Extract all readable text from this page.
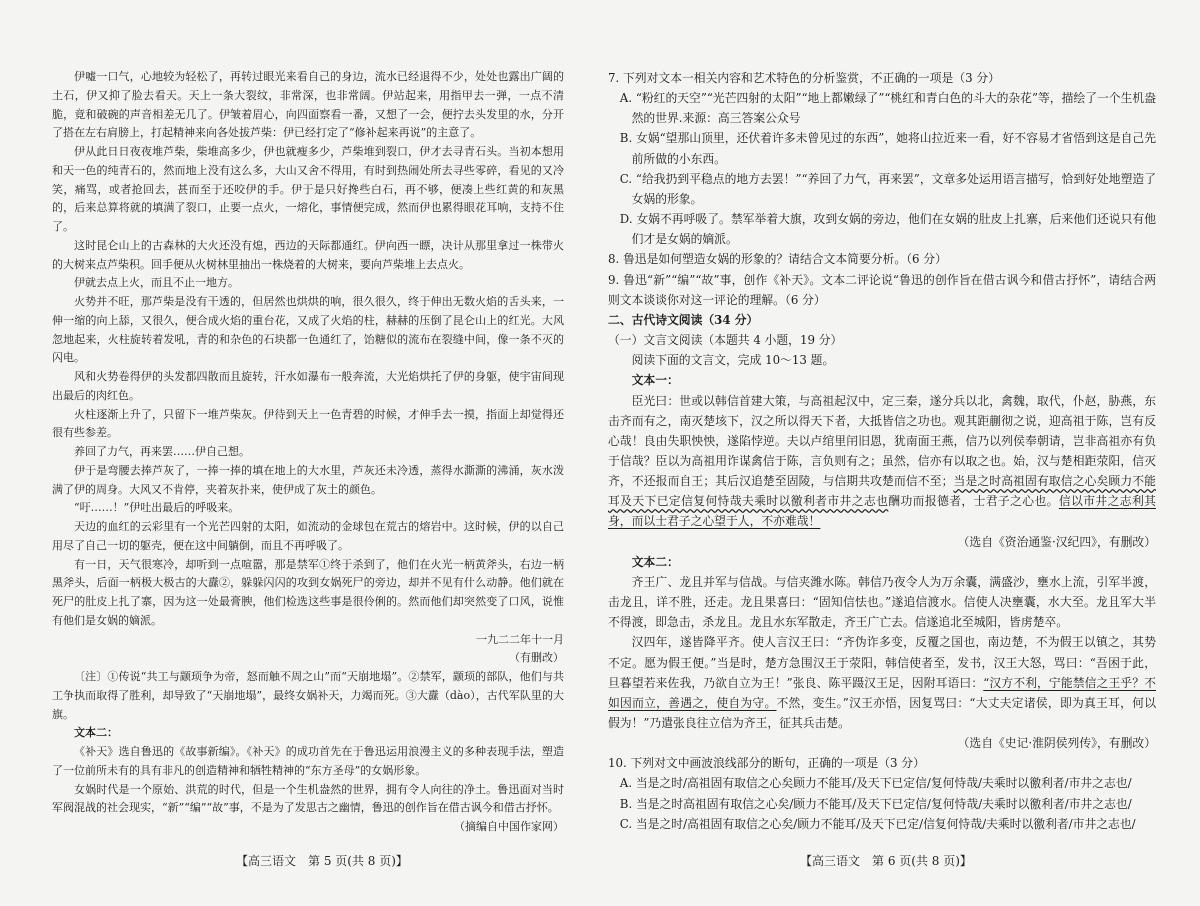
伊嘘一口气，心地较为轻松了，再转过眼光来看自己的身边，流水已经退得不少，处处也露出广阔的土石，伊又抑了脸去看天。天上一条大裂纹，非常深，也非常阔。伊站起来，用指甲去一弹，一点不清脆，竟和破碗的声音相差无几了。伊皱着眉心，向四面察看一番，又想了一会，便拧去头发里的水，分开了搭在左右肩膀上，打起精神来向各处拔芦柴：伊已经打定了“修补起来再说”的主意了。

伊从此日日夜夜堆芦柴，柴堆高多少，伊也就瘦多少，芦柴堆到裂口，伊才去寻青石头。当初本想用和天一色的纯青石的，然而地上没有这么多，大山又舍不得用，有时到热闹处所去寻些零碎，看见的又冷笑，痛骂，或者抢回去，甚而至于还咬伊的手。伊于是只好搀些白石，再不够，便凑上些红黄的和灰黑的，后来总算将就的填满了裂口，止要一点火，一熔化，事情便完成，然而伊也累得眼花耳响，支持不住了。

这时昆仑山上的古森林的大火还没有熄，西边的天际都通红。伊向西一瞟，决计从那里拿过一株带火的大树来点芦柴积。回手便从火树林里抽出一株烧着的大树来，要向芦柴堆上去点火。

伊就去点上火，而且不止一地方。

火势并不旺，那芦柴是没有干透的，但居然也烘烘的响，很久很久，终于伸出无数火焰的舌头来，一伸一缩的向上舔，又很久，便合成火焰的重台花，又成了火焰的柱，赫赫的压倒了昆仑山上的红光。大风忽地起来，火柱旋转着发吼，青的和杂色的石块都一色通红了，饴糖似的流布在裂缝中间，像一条不灭的闪电。

风和火势卷得伊的头发都四散而且旋转，汗水如瀑布一般奔流，大光焰烘托了伊的身躯，使宇宙间现出最后的肉红色。

火柱逐渐上升了，只留下一堆芦柴灰。伊待到天上一色青碧的时候，才伸手去一摸，指面上却觉得还很有些参差。

养回了力气，再来罢……伊自己想。

伊于是弯腰去捧芦灰了，一捧一捧的填在地上的大水里，芦灰还未冷透，蒸得水澌澌的沸涌，灰水泼满了伊的周身。大风又不肯停，夹着灰扑来，使伊成了灰土的颜色。

“吁……！”伊吐出最后的呼吸来。

天边的血红的云彩里有一个光芒四射的太阳，如流动的金球包在荒古的熔岩中。这时候，伊的以自己用尽了自己一切的躯壳，便在这中间躺倒，而且不再呼吸了。

有一日，天气很寒冷，却听到一点喧嚣，那是禁军①终于杀到了，他们在火光一柄黄斧头，右边一柄黑斧头，后面一柄极大极古的大纛②，躲躲闪闪的攻到女娲死尸的旁边，却并不见有什么动静。他们就在死尸的肚皮上扎了寨，因为这一处最膏腴，他们检选这些事是很伶俐的。然而他们却突然变了口风，说惟有他们是女娲的嫡派。

一九二二年十一月

（有删改）

〔注〕①传说“共工与颛顼争为帝，怒而触不周之山”而“天崩地塌”。②禁军，颛顼的部队，他们与共工争执而取得了胜利，却导致了“天崩地塌”，最终女娲补天，力竭而死。③大纛（dào），古代军队里的大旗。

文本二：

《补天》选自鲁迅的《故事新编》。《补天》的成功首先在于鲁迅运用浪漫主义的多种表现手法，塑造了一位前所未有的具有非凡的创造精神和牺牲精神的“东方圣母”的女娲形象。

女娲时代是一个原始、洪荒的时代，但是一个生机盎然的世界，拥有令人向往的净土。鲁迅面对当时军阀混战的社会现实，“新”“编”“故”事，不是为了发思古之幽情，鲁迅的创作旨在借古讽今和借古抒怀。

（摘编自中国作家网）

7. 下列对文本一相关内容和艺术特色的分析鉴赏，不正确的一项是（3 分）

A. “粉红的天空”“光芒四射的太阳”“地上都嫩绿了”“桃红和青白色的斗大的杂花”等，描绘了一个生机盎然的世界.来源：高三答案公众号

B. 女娲“望那山顶里，还伏着许多未曾见过的东西”，她将山拉近来一看，好不容易才省悟到这是自己先前所做的小东西。

C. “给我扔到平稳点的地方去罢！”“养回了力气，再来罢”，文章多处运用语言描写，恰到好处地塑造了女娲的形象。

D. 女娲不再呼吸了。禁军举着大旗，攻到女娲的旁边，他们在女娲的肚皮上扎寨，后来他们还说只有他们才是女娲的嫡派。

8. 鲁迅是如何塑造女娲的形象的？请结合文本简要分析。（6 分）

9. 鲁迅“新”“编”“故”事，创作《补天》。文本二评论说“鲁迅的创作旨在借古讽今和借古抒怀”，请结合两则文本谈谈你对这一评论的理解。（6 分）

二、古代诗文阅读（34 分）

（一）文言文阅读（本题共 4 小题，19 分）

阅读下面的文言文，完成 10～13 题。

文本一：

臣光曰：世或以韩信首建大策，与高祖起汉中，定三秦，遂分兵以北，禽魏，取代，仆赵，胁燕，东击齐而有之，南灭楚垓下，汉之所以得天下者，大抵皆信之功也。观其距蒯彻之说，迎高祖于陈，岂有反心哉！良由失职怏怏，遂陷悖逆。夫以卢绾里闬旧恩，犹南面王燕，信乃以列侯奉朝请，岂非高祖亦有负于信哉？臣以为高祖用诈谋禽信于陈，言负则有之；虽然，信亦有以取之也。始，汉与楚相距荥阳，信灭齐，不还报而自王；其后汉追楚至固陵，与信期共攻楚而信不至；当是之时高祖固有取信之心矣顾力不能耳及天下已定信复何恃哉夫乘时以徼利者市井之志也酬功而报德者，士君子之心也。信以市井之志利其身，而以士君子之心望于人，不亦难哉！

（选自《资治通鉴·汉纪四》，有删改）

文本二：

齐王广、龙且并军与信战。与信夹潍水陈。韩信乃夜令人为万余囊，满盛沙，壅水上流，引军半渡，击龙且，详不胜，还走。龙且果喜曰：“固知信怯也。”遂追信渡水。信使人决壅囊，水大至。龙且军大半不得渡，即急击，杀龙且。龙且水东军散走，齐王广亡去。信遂追北至城阳，皆虏楚卒。

汉四年，遂皆降平齐。使人言汉王曰：“齐伪诈多变，反覆之国也，南边楚，不为假王以镇之，其势不定。愿为假王便。”当是时，楚方急围汉王于荥阳，韩信使者至，发书，汉王大怒，骂曰：“吾困于此，旦暮望若来佐我，乃欲自立为王！”张良、陈平蹑汉王足，因附耳语曰：“汉方不利，宁能禁信之王乎？不如因而立，善遇之，使自为守。不然，变生。”汉王亦悟，因复骂曰：“大丈夫定诸侯，即为真王耳，何以假为！”乃遣张良往立信为齐王，征其兵击楚。

（选自《史记·淮阴侯列传》，有删改）

10. 下列对文中画波浪线部分的断句，正确的一项是（3 分）

A. 当是之时/高祖固有取信之心矣顾力不能耳/及天下已定信/复何恃哉/夫乘时以徼利者/市井之志也/

B. 当是之时高祖固有取信之心矣/顾力不能耳/及天下已定信/复何恃哉/夫乘时以徼利者/市井之志也/

C. 当是之时/高祖固有取信之心矣/顾力不能耳/及天下已定/信复何恃哉/夫乘时以徼利者/市井之志也/

【高三语文　第 5 页(共 8 页)】	【高三语文　第 6 页(共 8 页)】
